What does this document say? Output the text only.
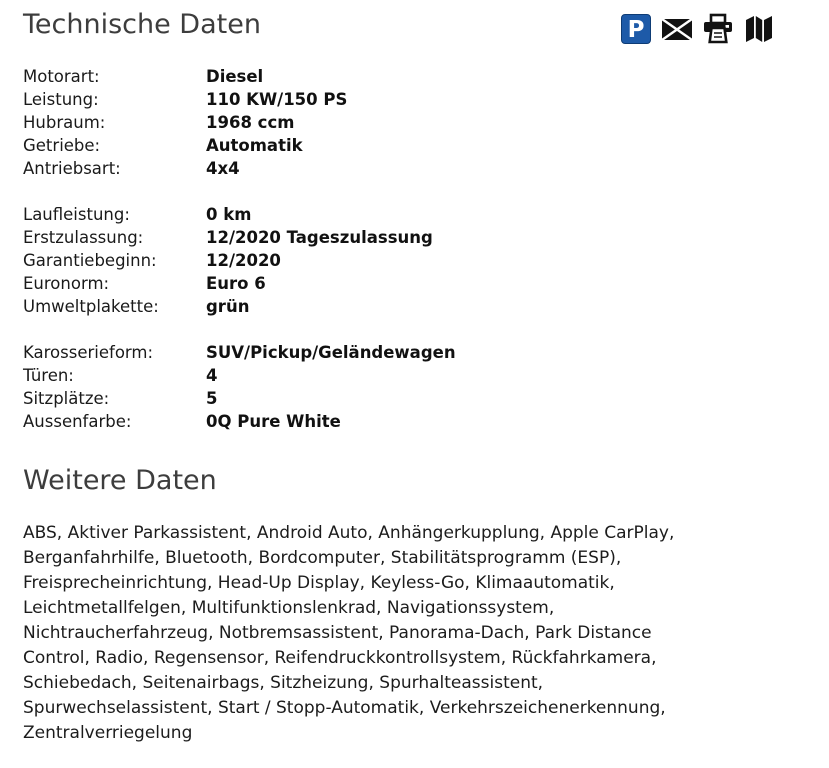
Technische Daten	P
Motorart:	Diesel
Leistung:	110 KW/150 PS
Hubraum:	1968 ccm
Getriebe:	Automatik
Antriebsart:	4x4
Laufleistung:	0 km
Erstzulassung:	12/2020 Tageszulassung
Garantiebeginn:	12/2020
Euronorm:	Euro 6
Umweltplakette:	grün
Karosserieform:	SUV/Pickup/Geländewagen
Türen:	4
Sitzplätze:	5
Aussenfarbe:	0Q Pure White
Weitere Daten

ABS, Aktiver Parkassistent, Android Auto, Anhängerkupplung, Apple CarPlay, Berganfahrhilfe, Bluetooth, Bordcomputer, Stabilitätsprogramm (ESP), Freisprecheinrichtung, Head-Up Display, Keyless-Go, Klimaautomatik, Leichtmetallfelgen, Multifunktionslenkrad, Navigationssystem, Nichtraucherfahrzeug, Notbremsassistent, Panorama-Dach, Park Distance Control, Radio, Regensensor, Reifendruckkontrollsystem, Rückfahrkamera, Schiebedach, Seitenairbags, Sitzheizung, Spurhalteassistent, Spurwechselassistent, Start / Stopp-Automatik, Verkehrszeichenerkennung, Zentralverriegelung
